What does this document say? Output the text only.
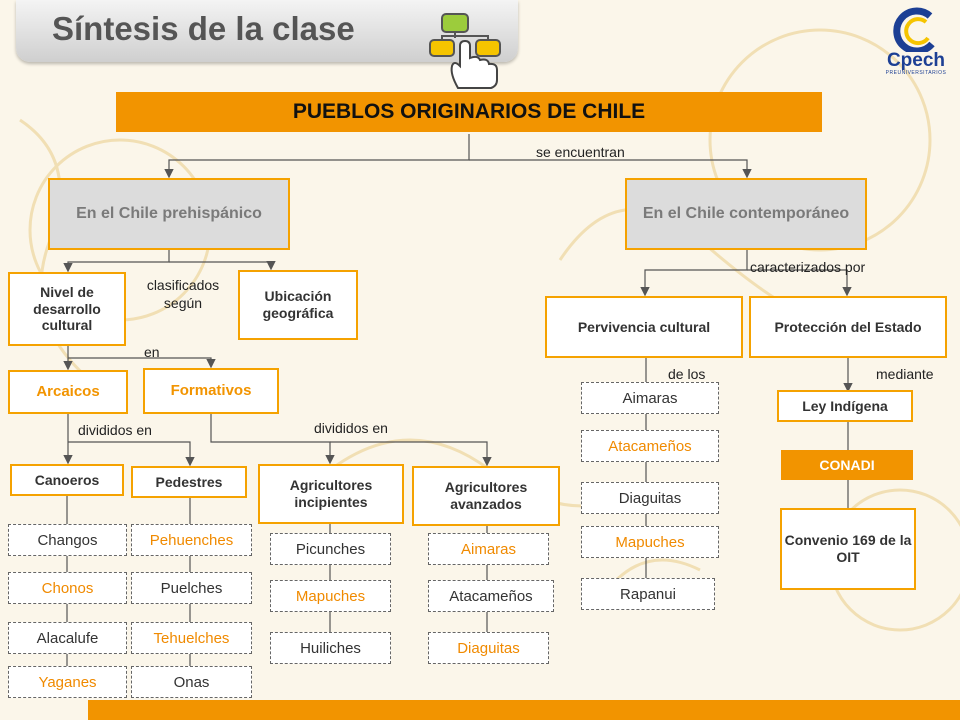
Síntesis de la clase
Cpech
PREUNIVERSITARIOS
PUEBLOS ORIGINARIOS DE CHILE
se encuentran
En el Chile prehispánico
Nivel de desarrollo cultural
clasificados según	Ubicación geográfica
en
Arcaicos	Formativos
divididos en	divididos en
Canoeros	Pedestres	Agricultores incipientes
Agricultores avanzados
Changos
Chonos
Alacalufe
Yaganes
Pehuenches
Puelches
Tehuelches
Onas
Picunches
Mapuches
Huiliches
Aimaras
Atacameños
Diaguitas
En el Chile contemporáneo
caracterizados por
Pervivencia cultural	Protección del Estado
de los	mediante
Aimaras
Atacameños
Diaguitas
Mapuches
Rapanui
Ley Indígena
CONADI
Convenio 169 de la OIT
